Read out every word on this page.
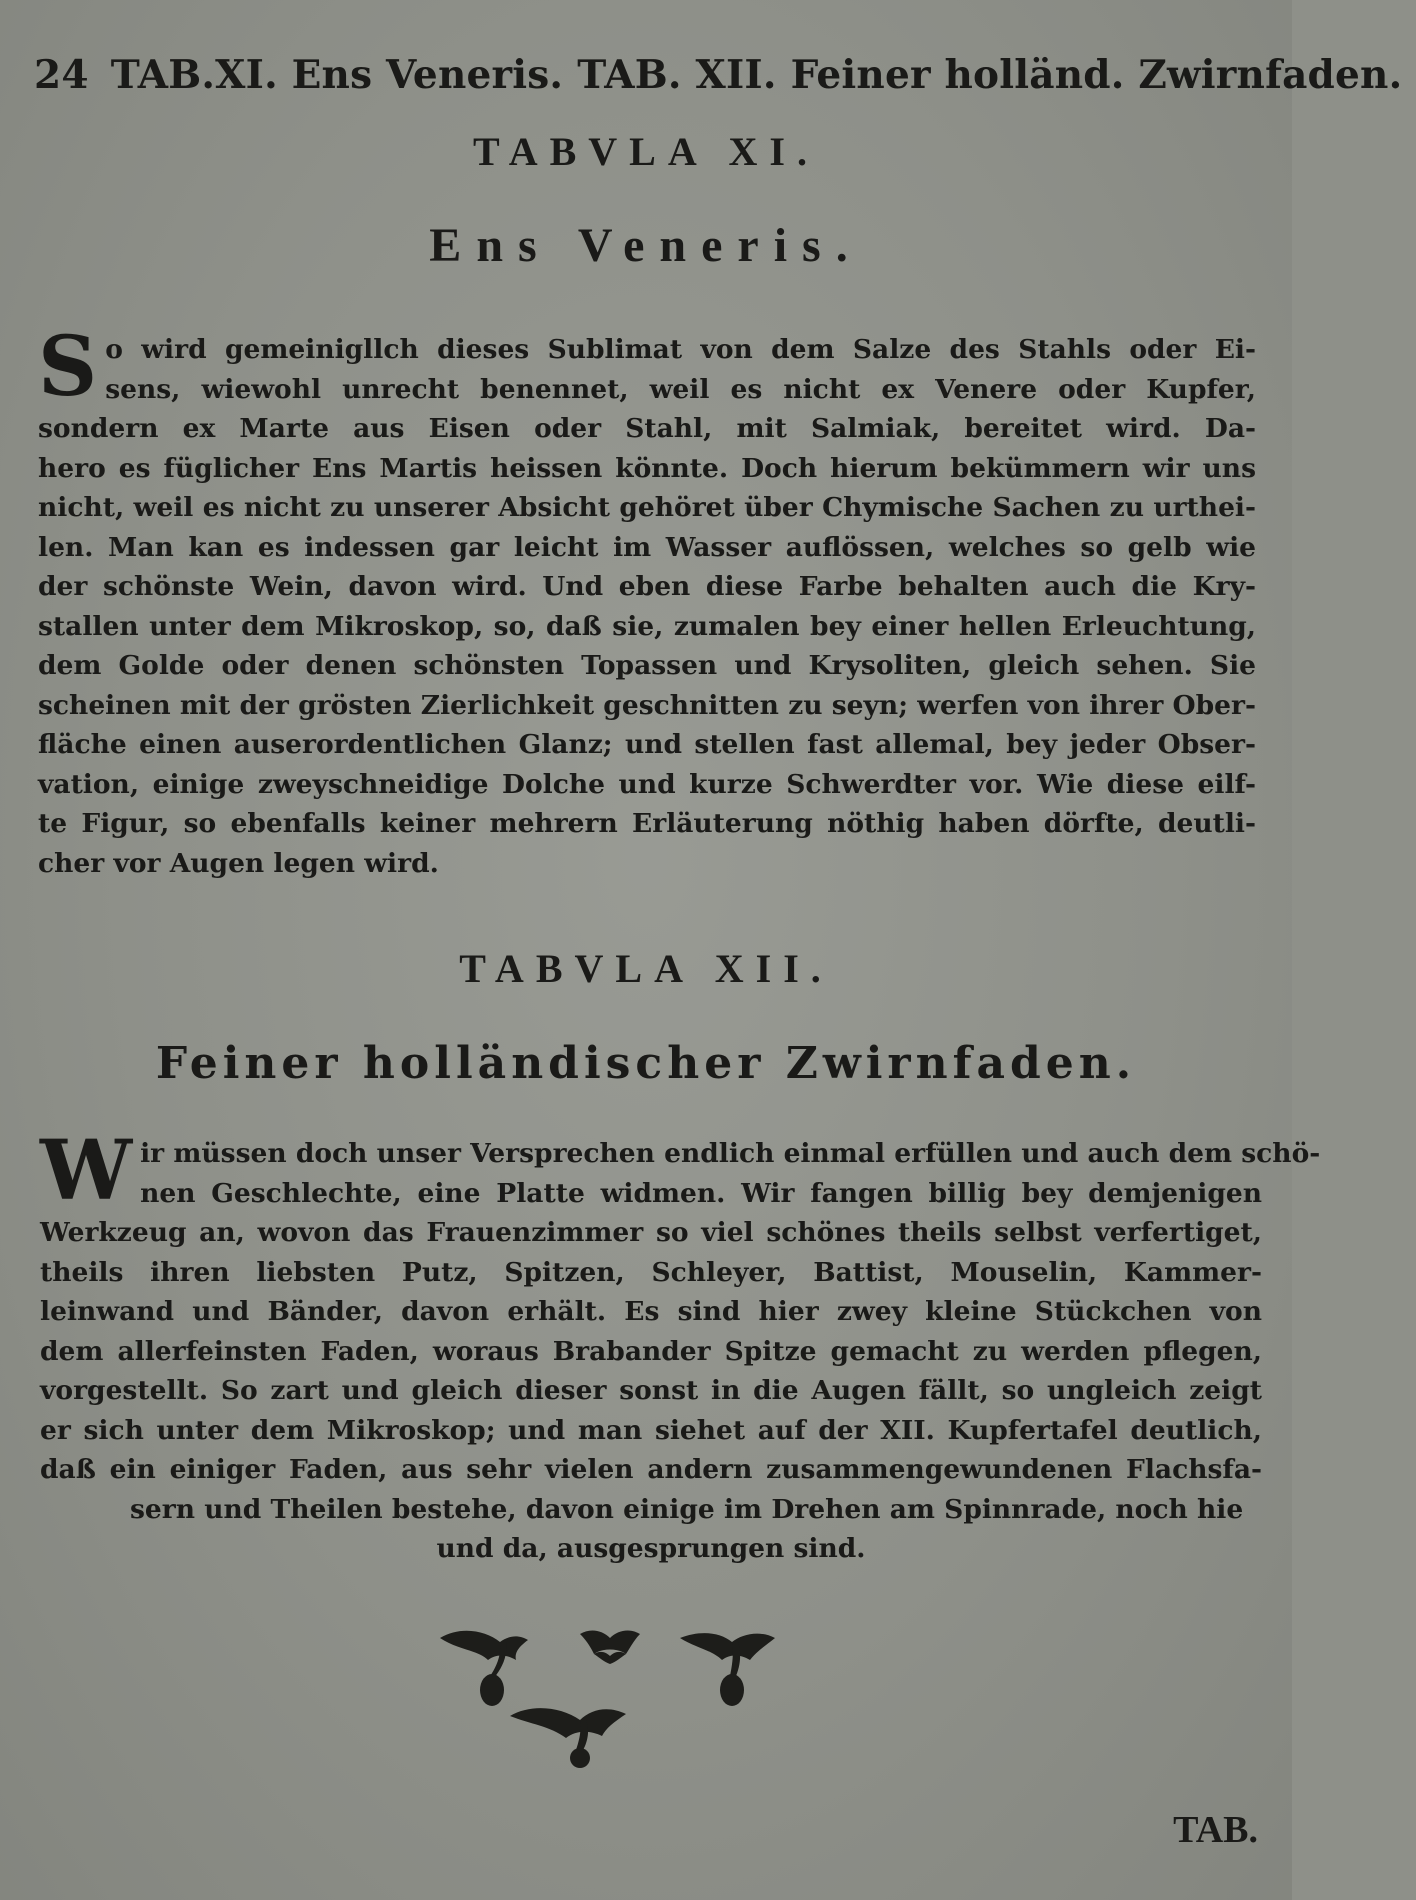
24 TAB.XI. Ens Veneris. TAB. XII. Feiner holländ. Zwirnfaden.
TABVLA XI.
Ens Veneris.
S o wird gemeinigllch dieses Sublimat von dem Salze des Stahls oder Ei-
sens, wiewohl unrecht benennet, weil es nicht ex Venere oder Kupfer,
sondern ex Marte aus Eisen oder Stahl, mit Salmiak, bereitet wird. Da-
hero es füglicher Ens Martis heissen könnte. Doch hierum bekümmern wir uns
nicht, weil es nicht zu unserer Absicht gehöret über Chymische Sachen zu urthei-
len. Man kan es indessen gar leicht im Wasser auflössen, welches so gelb wie
der schönste Wein, davon wird. Und eben diese Farbe behalten auch die Kry-
stallen unter dem Mikroskop, so, daß sie, zumalen bey einer hellen Erleuchtung,
dem Golde oder denen schönsten Topassen und Krysoliten, gleich sehen. Sie
scheinen mit der grösten Zierlichkeit geschnitten zu seyn; werfen von ihrer Ober-
fläche einen auserordentlichen Glanz; und stellen fast allemal, bey jeder Obser-
vation, einige zweyschneidige Dolche und kurze Schwerdter vor. Wie diese eilf-
te Figur, so ebenfalls keiner mehrern Erläuterung nöthig haben dörfte, deutli-
cher vor Augen legen wird.
TABVLA XII.
Feiner holländischer Zwirnfaden.
W ir müssen doch unser Versprechen endlich einmal erfüllen und auch dem schö-
nen Geschlechte, eine Platte widmen. Wir fangen billig bey demjenigen
Werkzeug an, wovon das Frauenzimmer so viel schönes theils selbst verfertiget,
theils ihren liebsten Putz, Spitzen, Schleyer, Battist, Mouselin, Kammer-
leinwand und Bänder, davon erhält. Es sind hier zwey kleine Stückchen von
dem allerfeinsten Faden, woraus Brabander Spitze gemacht zu werden pflegen,
vorgestellt. So zart und gleich dieser sonst in die Augen fällt, so ungleich zeigt
er sich unter dem Mikroskop; und man siehet auf der XII. Kupfertafel deutlich,
daß ein einiger Faden, aus sehr vielen andern zusammengewundenen Flachsfa-
sern und Theilen bestehe, davon einige im Drehen am Spinnrade, noch hie
und da, ausgesprungen sind.
TAB.
